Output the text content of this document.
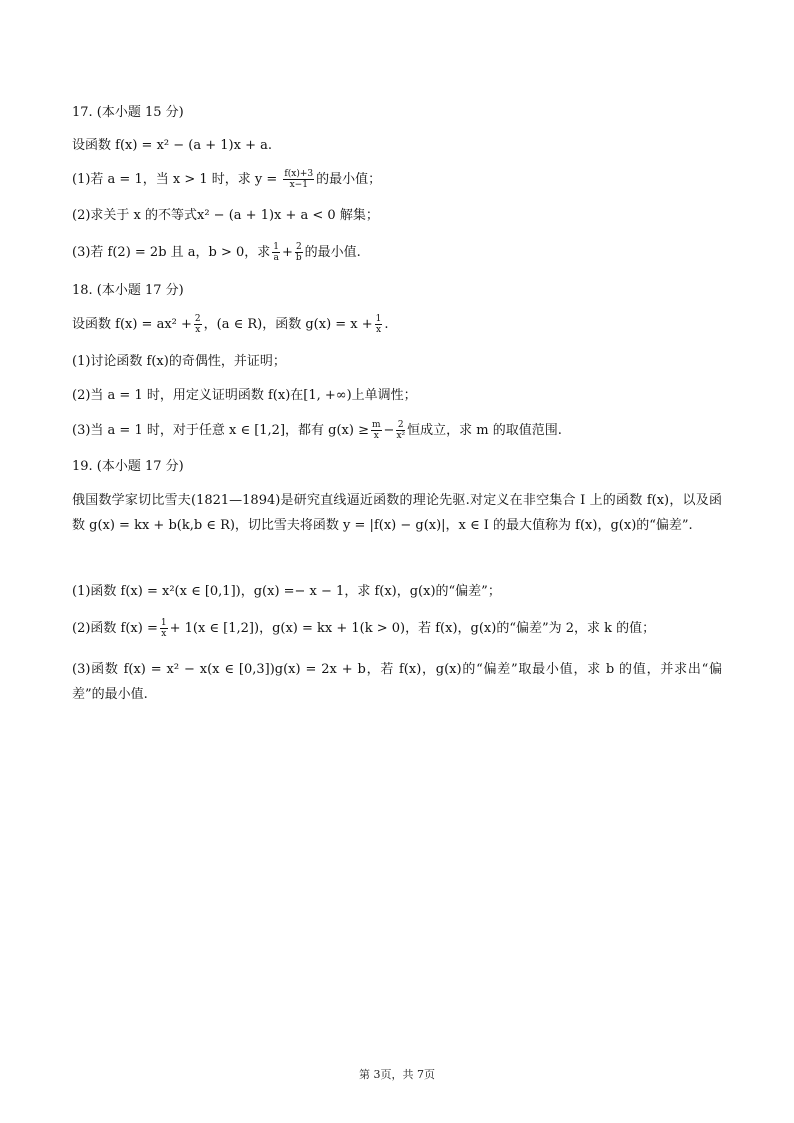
17. (本小题 15 分)
设函数 f(x) = x² − (a + 1)x + a.
(1)若 a = 1，当 x > 1 时，求 $y = \frac{f(x)+3}{x-1}$ 的最小值；
(2)求关于 x 的不等式x² − (a + 1)x + a < 0 解集；
(3)若 f(2) = 2b 且 a，b > 0，求 $\frac{1}{a} + \frac{2}{b}$ 的最小值.
18. (本小题 17 分)
设函数 $f(x) = ax^2 + \frac{2}{x}$ ，(a ∈ R)，函数 $g(x) = x + \frac{1}{x}$ .
(1)讨论函数 f(x)的奇偶性，并证明；
(2)当 a = 1 时，用定义证明函数 f(x)在[1, +∞)上单调性；
(3)当 a = 1 时，对于任意 x ∈ [1,2]，都有 $g(x) \ge \frac{m}{x} - \frac{2}{\text{x²}}$ 恒成立，求 m 的取值范围.
19. (本小题 17 分)
俄国数学家切比雪夫(1821—1894)是研究直线逼近函数的理论先驱.对定义在非空集合 I 上的函数 f(x)，以及函数 g(x) = kx + b(k,b ∈ R)，切比雪夫将函数 y = |f(x) − g(x)|，x ∈ I 的最大值称为 f(x)，g(x)的“偏差”.
(1)函数 f(x) = x²(x ∈ [0,1])，g(x) =− x − 1，求 f(x)，g(x)的“偏差”；
(2)函数 $f(x) = \frac{1}{x} + 1(x$ ∈ [1,2])，g(x) = kx + 1(k > 0)，若 f(x)，g(x)的“偏差”为 2，求 k 的值；
(3)函数 f(x) = x² − x(x ∈ [0,3])g(x) = 2x + b，若 f(x)，g(x)的“偏差”取最小值，求 b 的值，并求出“偏差”的最小值.
第 3页，共 7页
